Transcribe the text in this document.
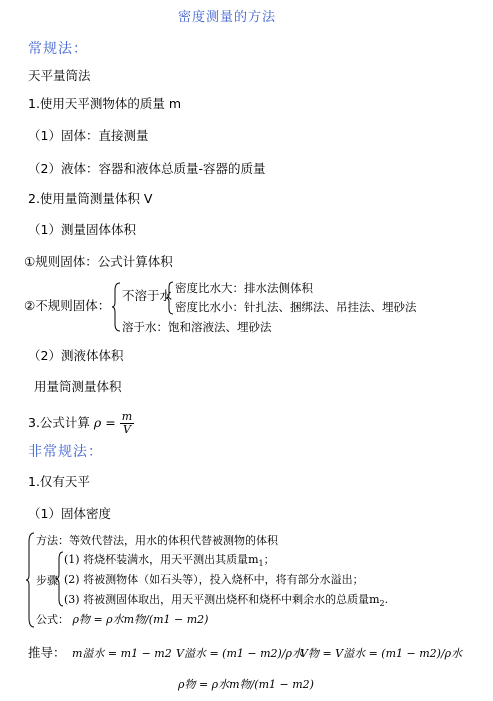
密度测量的方法
常规法：
天平量筒法
1.使用天平测物体的质量 m
（1）固体：直接测量
（2）液体：容器和液体总质量-容器的质量
2.使用量筒测量体积 V
（1）测量固体体积
①规则固体：公式计算体积
②不规则固体：
不溶于水 密度比水大：排水法侧体积
密度比水小：针扎法、捆绑法、吊挂法、埋砂法
溶于水：饱和溶液法、埋砂法
（2）测液体体积
用量筒测量体积
3.公式计算 $\rho = \frac{m}{V}$
非常规法：
1.仅有天平
（1）固体密度
方法：等效代替法，用水的体积代替被测物的体积
步骤
(1) 将烧杯装满水，用天平测出其质量$m_1$；
(2) 将被测物体（如石头等），投入烧杯中，将有部分水溢出；
(3) 将被测固体取出，用天平测出烧杯和烧杯中剩余水的总质量$m_2$.
公式： ρ物 = ρ水m物/(m1 − m2)
推导： m溢水 = m1 − m2 V溢水 = (m1 − m2)/ρ水
V物 = V溢水 = (m1 − m2)/ρ水
ρ物 = ρ水m物/(m1 − m2)
